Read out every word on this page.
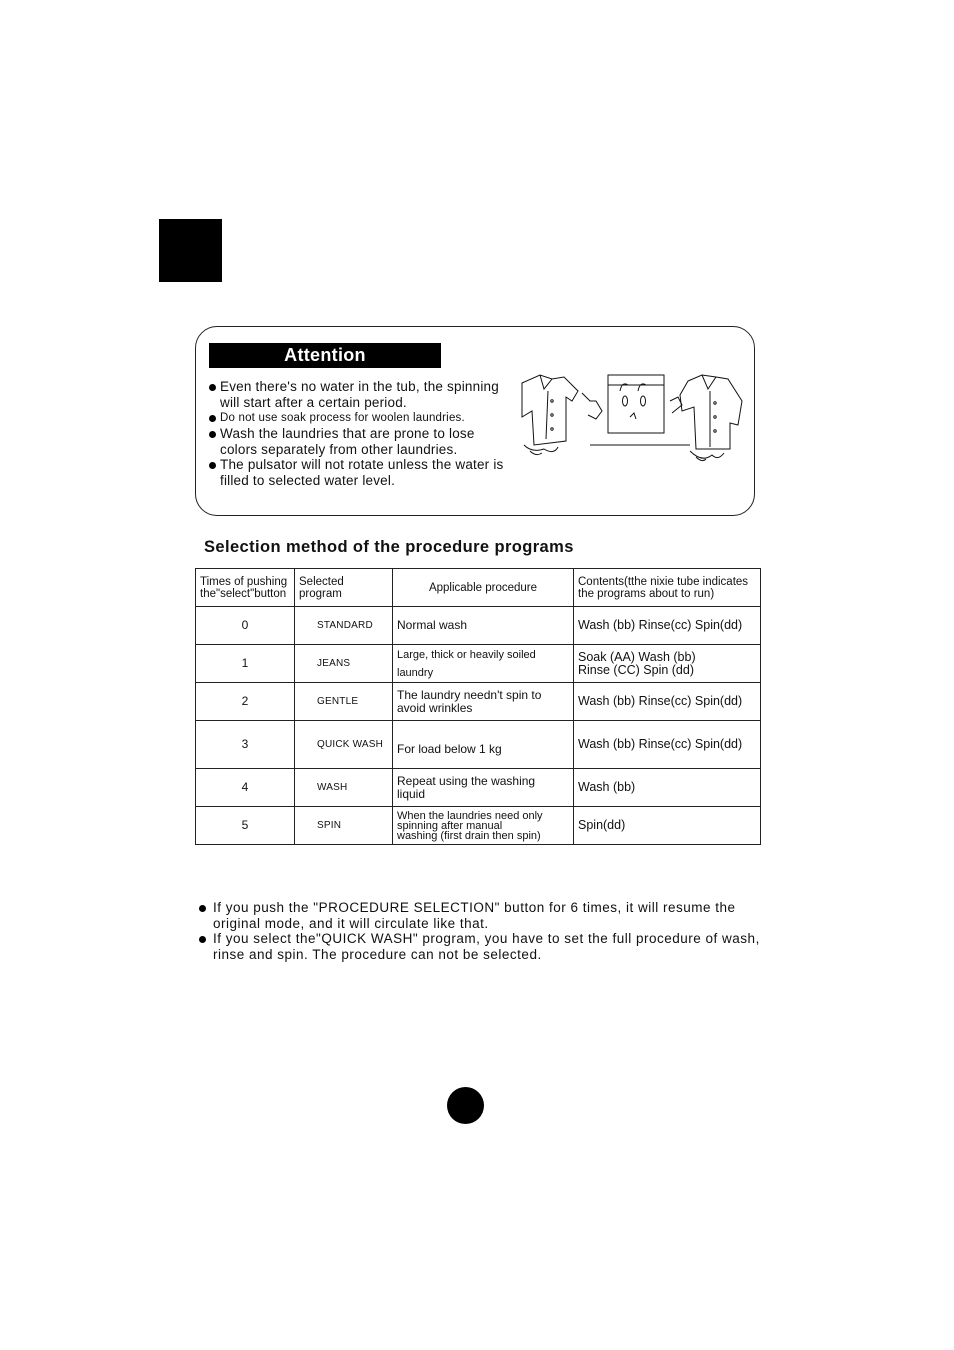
Attention
Even there's no water in the tub, the spinning will start after a certain period.
Do not use soak process for woolen laundries.
Wash the laundries that are prone to lose colors separately from other laundries.
The pulsator will not rotate unless the water is filled to selected water level.
Selection method of the procedure programs
Times of pushing
the"select"button	Selected program	Applicable procedure	Contents(tthe nixie tube indicates
the programs about to run)
0	STANDARD	Normal wash	Wash (bb) Rinse(cc) Spin(dd)
1	JEANS	Large, thick or heavily soiled
laundry	Soak (AA) Wash (bb)
Rinse (CC) Spin (dd)
2	GENTLE	The laundry needn't spin to
avoid wrinkles	Wash (bb) Rinse(cc) Spin(dd)
3	QUICK WASH	For load below 1 kg	Wash (bb) Rinse(cc) Spin(dd)
4	WASH	Repeat using the washing
liquid	Wash (bb)
5	SPIN	When the laundries need only
spinning after manual
washing (first drain then spin)	Spin(dd)
If you push the "PROCEDURE SELECTION" button for 6 times, it will resume the original mode, and it will circulate like that.
If you select the"QUICK WASH" program, you have to set the full procedure of wash, rinse and spin. The procedure can not be selected.
